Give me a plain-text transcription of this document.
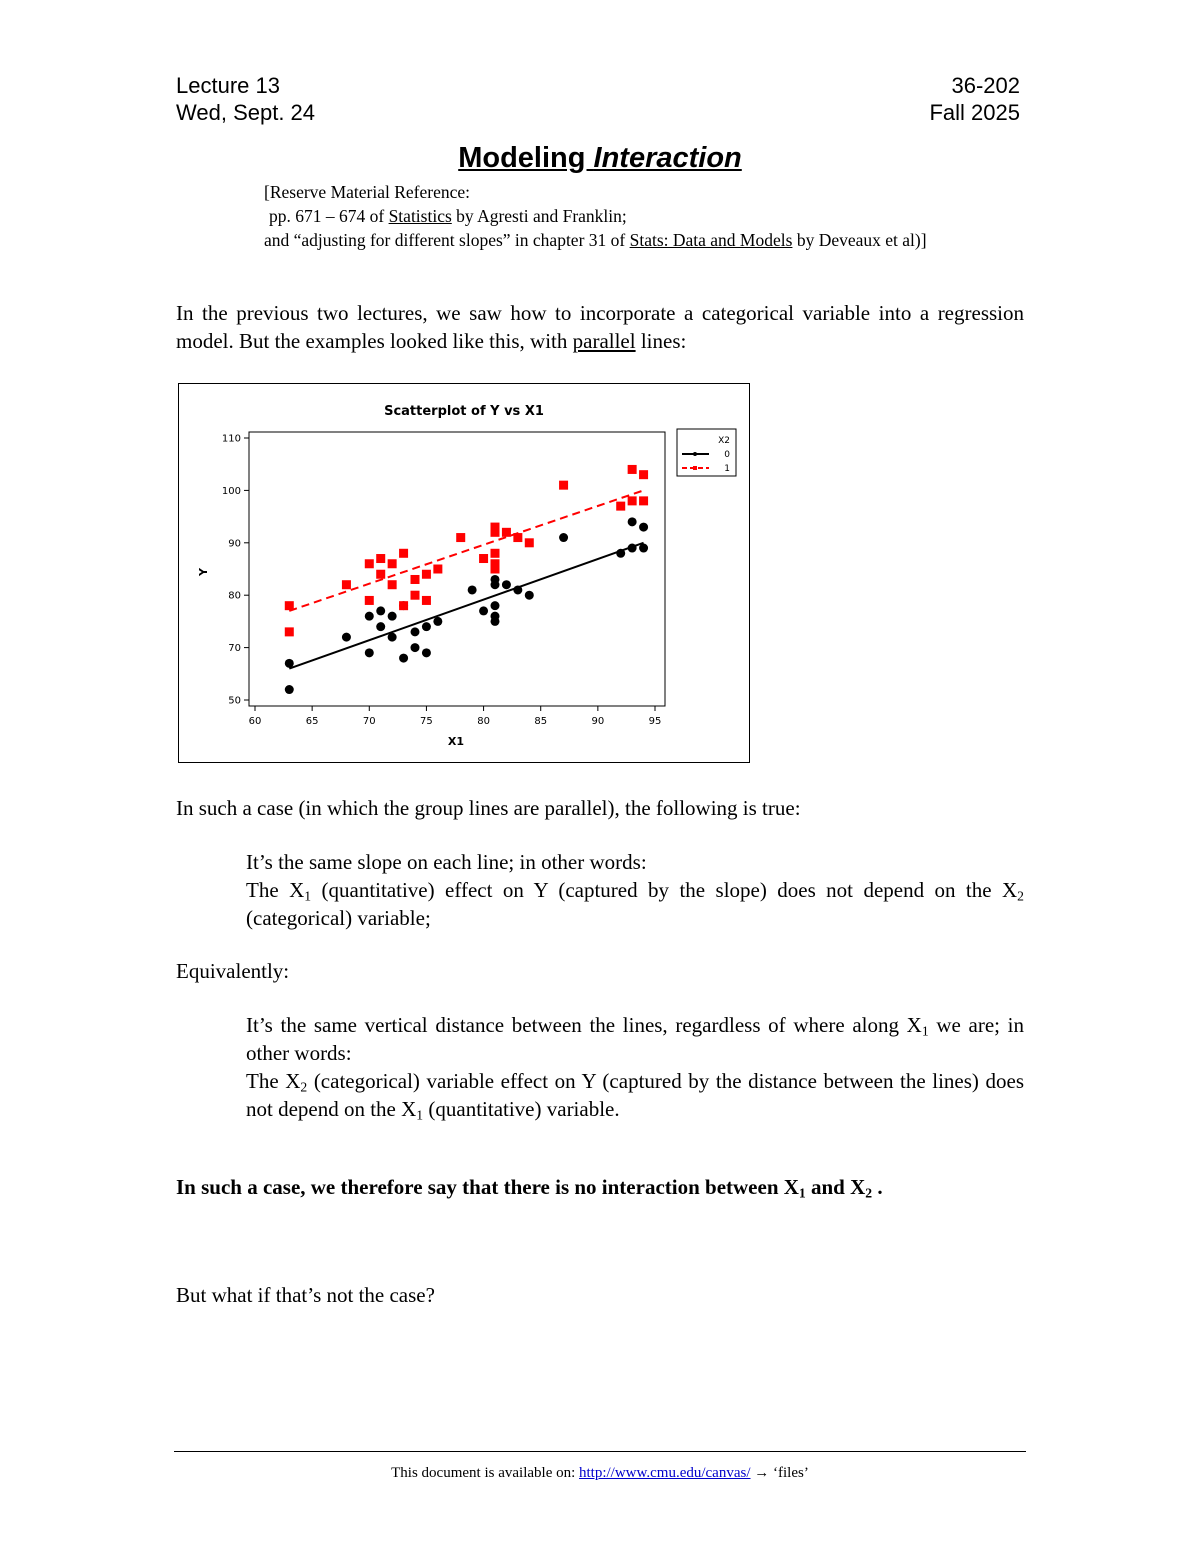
Lecture 13	36-202
Wed, Sept. 24	Fall 2025
Modeling Interaction
[Reserve Material Reference:
pp. 671 – 674 of Statistics by Agresti and Franklin;
and “adjusting for different slopes” in chapter 31 of Stats: Data and Models by Deveaux et al)]
In the previous two lectures, we saw how to incorporate a categorical variable into a regression model. But the examples looked like this, with parallel lines:
Scatterplot of Y vs X1
60	65	70	75	80	85	90	95
50
70
80
90
100
110
X1
Y
X2
0
1
In such a case (in which the group lines are parallel), the following is true:
It’s the same slope on each line; in other words:
The $X_1$ (quantitative) effect on Y (captured by the slope) does not depend on the $X_2$ (categorical) variable;
Equivalently:
It’s the same vertical distance between the lines, regardless of where along $X_1$ we are; in other words:
The $X_2$ (categorical) variable effect on Y (captured by the distance between the lines) does not depend on the $X_1$ (quantitative) variable.
In such a case, we therefore say that there is no interaction between $X_1$ and $X_2$ .
But what if that’s not the case?
This document is available on: http://www.cmu.edu/canvas/ → ‘files’
